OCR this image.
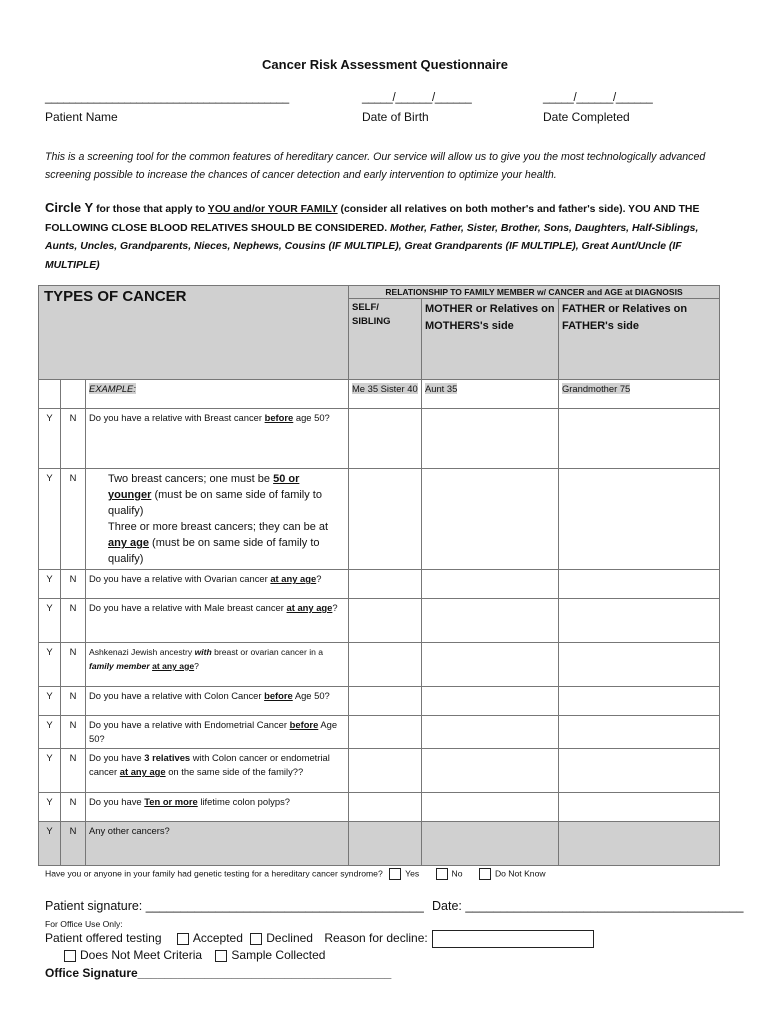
Cancer Risk Assessment Questionnaire
________________________________________	_____/______/______	_____/______/______
Patient Name	Date of Birth	Date Completed
This is a screening tool for the common features of hereditary cancer. Our service will allow us to give you the most technologically advanced screening possible to increase the chances of cancer detection and early intervention to optimize your health.
Circle Y for those that apply to YOU and/or YOUR FAMILY (consider all relatives on both mother's and father's side). YOU AND THE FOLLOWING CLOSE BLOOD RELATIVES SHOULD BE CONSIDERED. Mother, Father, Sister, Brother, Sons, Daughters, Half-Siblings, Aunts, Uncles, Grandparents, Nieces, Nephews, Cousins (IF MULTIPLE), Great Grandparents (IF MULTIPLE), Great Aunt/Uncle (IF MULTIPLE)
TYPES OF CANCER			RELATIONSHIP TO FAMILY MEMBER w/ CANCER and AGE at DIAGNOSIS		
			SELF/ SIBLING	MOTHER or Relatives on MOTHERS's side	FATHER or Relatives on FATHER's side
		EXAMPLE:	Me 35 Sister 40	Aunt 35	Grandmother 75
Y	N	Do you have a relative with Breast cancer before age 50?			
Y	N	Two breast cancers; one must be 50 or younger (must be on same side of family to qualify)
Three or more breast cancers; they can be at any age (must be on same side of family to qualify)			
Y	N	Do you have a relative with Ovarian cancer at any age?			
Y	N	Do you have a relative with Male breast cancer at any age?			
Y	N	Ashkenazi Jewish ancestry with breast or ovarian cancer in a family member at any age?			
Y	N	Do you have a relative with Colon Cancer before Age 50?			
Y	N	Do you have a relative with Endometrial Cancer before Age 50?			
Y	N	Do you have 3 relatives with Colon cancer or endometrial cancer at any age on the same side of the family??			
Y	N	Do you have Ten or more lifetime colon polyps?			
Y	N	Any other cancers?			
Have you or anyone in your family had genetic testing for a hereditary cancer syndrome?	Yes	No	Do Not Know
Patient signature: ________________________________________ Date: ________________________________________
For Office Use Only:
Patient offered testing	Accepted Declined Reason for decline:
Does Not Meet Criteria Sample Collected
Office Signature______________________________________
